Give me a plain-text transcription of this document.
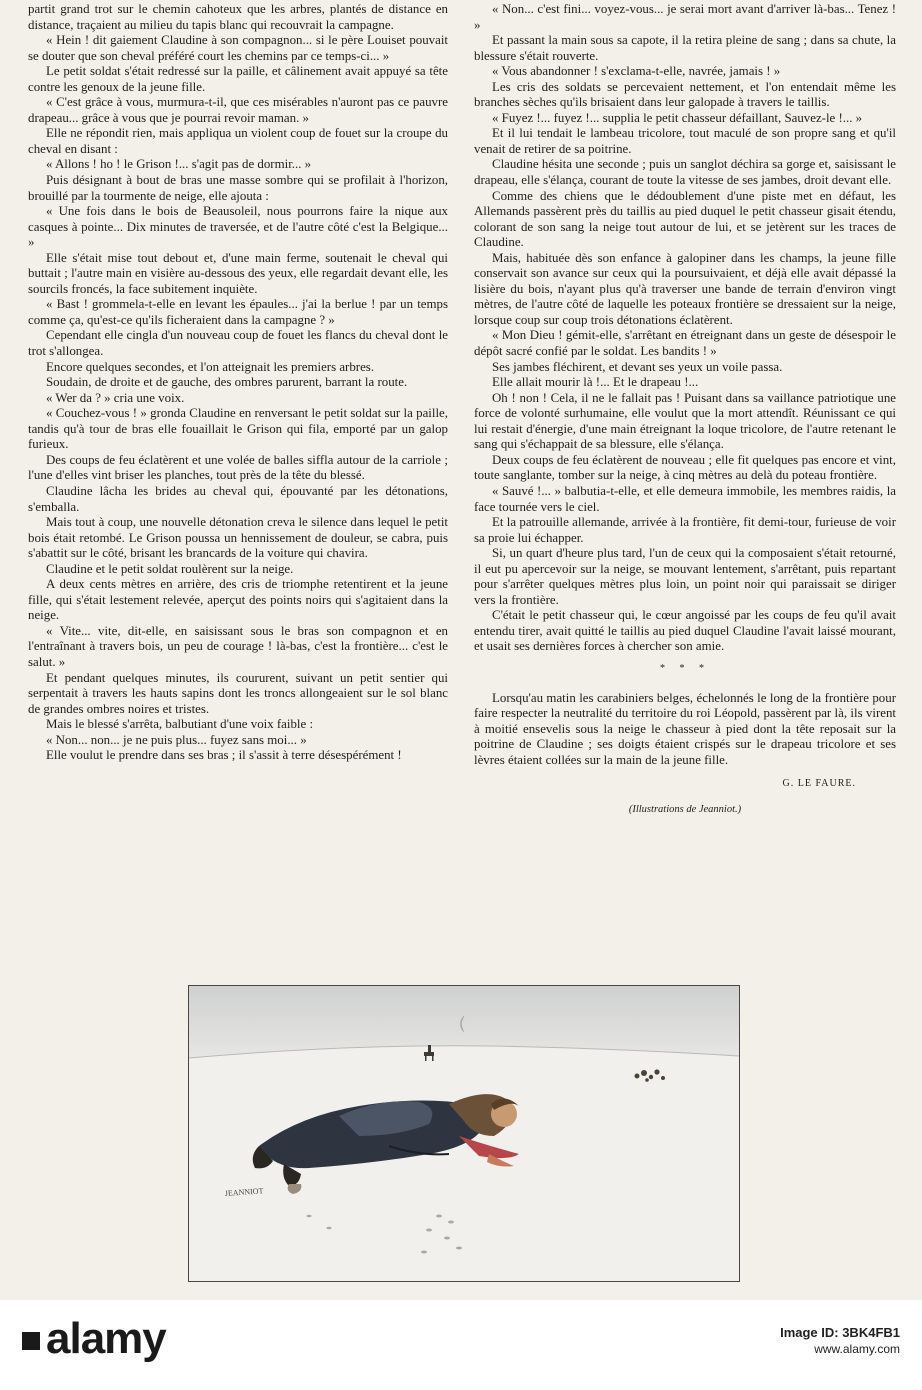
partit grand trot sur le chemin cahoteux que les arbres, plantés de distance en distance, traçaient au milieu du tapis blanc qui recouvrait la campagne.

« Hein ! dit gaiement Claudine à son compagnon... si le père Louiset pouvait se douter que son cheval préféré court les chemins par ce temps-ci... »

Le petit soldat s'était redressé sur la paille, et câlinement avait appuyé sa tête contre les genoux de la jeune fille.

« C'est grâce à vous, murmura-t-il, que ces misérables n'auront pas ce pauvre drapeau... grâce à vous que je pourrai revoir maman. »

Elle ne répondit rien, mais appliqua un violent coup de fouet sur la croupe du cheval en disant :

« Allons ! ho ! le Grison !... s'agit pas de dormir... »

Puis désignant à bout de bras une masse sombre qui se profilait à l'horizon, brouillé par la tourmente de neige, elle ajouta :

« Une fois dans le bois de Beausoleil, nous pourrons faire la nique aux casques à pointe... Dix minutes de traversée, et de l'autre côté c'est la Belgique... »

Elle s'était mise tout debout et, d'une main ferme, soutenait le cheval qui buttait ; l'autre main en visière au-dessous des yeux, elle regardait devant elle, les sourcils froncés, la face subitement inquiète.

« Bast ! grommela-t-elle en levant les épaules... j'ai la berlue ! par un temps comme ça, qu'est-ce qu'ils ficheraient dans la campagne ? »

Cependant elle cingla d'un nouveau coup de fouet les flancs du cheval dont le trot s'allongea.

Encore quelques secondes, et l'on atteignait les premiers arbres.

Soudain, de droite et de gauche, des ombres parurent, barrant la route.

« Wer da ? » cria une voix.

« Couchez-vous ! » gronda Claudine en renversant le petit soldat sur la paille, tandis qu'à tour de bras elle fouaillait le Grison qui fila, emporté par un galop furieux.

Des coups de feu éclatèrent et une volée de balles siffla autour de la carriole ; l'une d'elles vint briser les planches, tout près de la tête du blessé.

Claudine lâcha les brides au cheval qui, épouvanté par les détonations, s'emballa.

Mais tout à coup, une nouvelle détonation creva le silence dans lequel le petit bois était retombé. Le Grison poussa un hennissement de douleur, se cabra, puis s'abattit sur le côté, brisant les brancards de la voiture qui chavira.

Claudine et le petit soldat roulèrent sur la neige.

A deux cents mètres en arrière, des cris de triomphe retentirent et la jeune fille, qui s'était lestement relevée, aperçut des points noirs qui s'agitaient dans la neige.

« Vite... vite, dit-elle, en saisissant sous le bras son compagnon et en l'entraînant à travers bois, un peu de courage ! là-bas, c'est la frontière... c'est le salut. »

Et pendant quelques minutes, ils coururent, suivant un petit sentier qui serpentait à travers les hauts sapins dont les troncs allongeaient sur le sol blanc de grandes ombres noires et tristes.

Mais le blessé s'arrêta, balbutiant d'une voix faible :

« Non... non... je ne puis plus... fuyez sans moi... »

Elle voulut le prendre dans ses bras ; il s'assit à terre désespérément !

« Non... c'est fini... voyez-vous... je serai mort avant d'arriver là-bas... Tenez ! »

Et passant la main sous sa capote, il la retira pleine de sang ; dans sa chute, la blessure s'était rouverte.

« Vous abandonner ! s'exclama-t-elle, navrée, jamais ! »

Les cris des soldats se percevaient nettement, et l'on entendait même les branches sèches qu'ils brisaient dans leur galopade à travers le taillis.

« Fuyez !... fuyez !... supplia le petit chasseur défaillant, Sauvez-le !... »

Et il lui tendait le lambeau tricolore, tout maculé de son propre sang et qu'il venait de retirer de sa poitrine.

Claudine hésita une seconde ; puis un sanglot déchira sa gorge et, saisissant le drapeau, elle s'élança, courant de toute la vitesse de ses jambes, droit devant elle.

Comme des chiens que le dédoublement d'une piste met en défaut, les Allemands passèrent près du taillis au pied duquel le petit chasseur gisait étendu, colorant de son sang la neige tout autour de lui, et se jetèrent sur les traces de Claudine.

Mais, habituée dès son enfance à galopiner dans les champs, la jeune fille conservait son avance sur ceux qui la poursuivaient, et déjà elle avait dépassé la lisière du bois, n'ayant plus qu'à traverser une bande de terrain d'environ vingt mètres, de l'autre côté de laquelle les poteaux frontière se dressaient sur la neige, lorsque coup sur coup trois détonations éclatèrent.

« Mon Dieu ! gémit-elle, s'arrêtant en étreignant dans un geste de désespoir le dépôt sacré confié par le soldat. Les bandits ! »

Ses jambes fléchirent, et devant ses yeux un voile passa.

Elle allait mourir là !... Et le drapeau !...

Oh ! non ! Cela, il ne le fallait pas ! Puisant dans sa vaillance patriotique une force de volonté surhumaine, elle voulut que la mort attendît. Réunissant ce qui lui restait d'énergie, d'une main étreignant la loque tricolore, de l'autre retenant le sang qui s'échappait de sa blessure, elle s'élança.

Deux coups de feu éclatèrent de nouveau ; elle fit quelques pas encore et vint, toute sanglante, tomber sur la neige, à cinq mètres au delà du poteau frontière.

« Sauvé !... » balbutia-t-elle, et elle demeura immobile, les membres raidis, la face tournée vers le ciel.

Et la patrouille allemande, arrivée à la frontière, fit demi-tour, furieuse de voir sa proie lui échapper.

Si, un quart d'heure plus tard, l'un de ceux qui la composaient s'était retourné, il eut pu apercevoir sur la neige, se mouvant lentement, s'arrêtant, puis repartant pour s'arrêter quelques mètres plus loin, un point noir qui paraissait se diriger vers la frontière.

C'était le petit chasseur qui, le cœur angoissé par les coups de feu qu'il avait entendu tirer, avait quitté le taillis au pied duquel Claudine l'avait laissé mourant, et usait ses dernières forces à chercher son amie.

* * *

Lorsqu'au matin les carabiniers belges, échelonnés le long de la frontière pour faire respecter la neutralité du territoire du roi Léopold, passèrent par là, ils virent à moitié ensevelis sous la neige le chasseur à pied dont la tête reposait sur la poitrine de Claudine ; ses doigts étaient crispés sur le drapeau tricolore et ses lèvres étaient collées sur la main de la jeune fille.

G. LE FAURE.
(Illustrations de Jeanniot.)
JEANNIOT
alamy	Image ID: 3BK4FB1
www.alamy.com
